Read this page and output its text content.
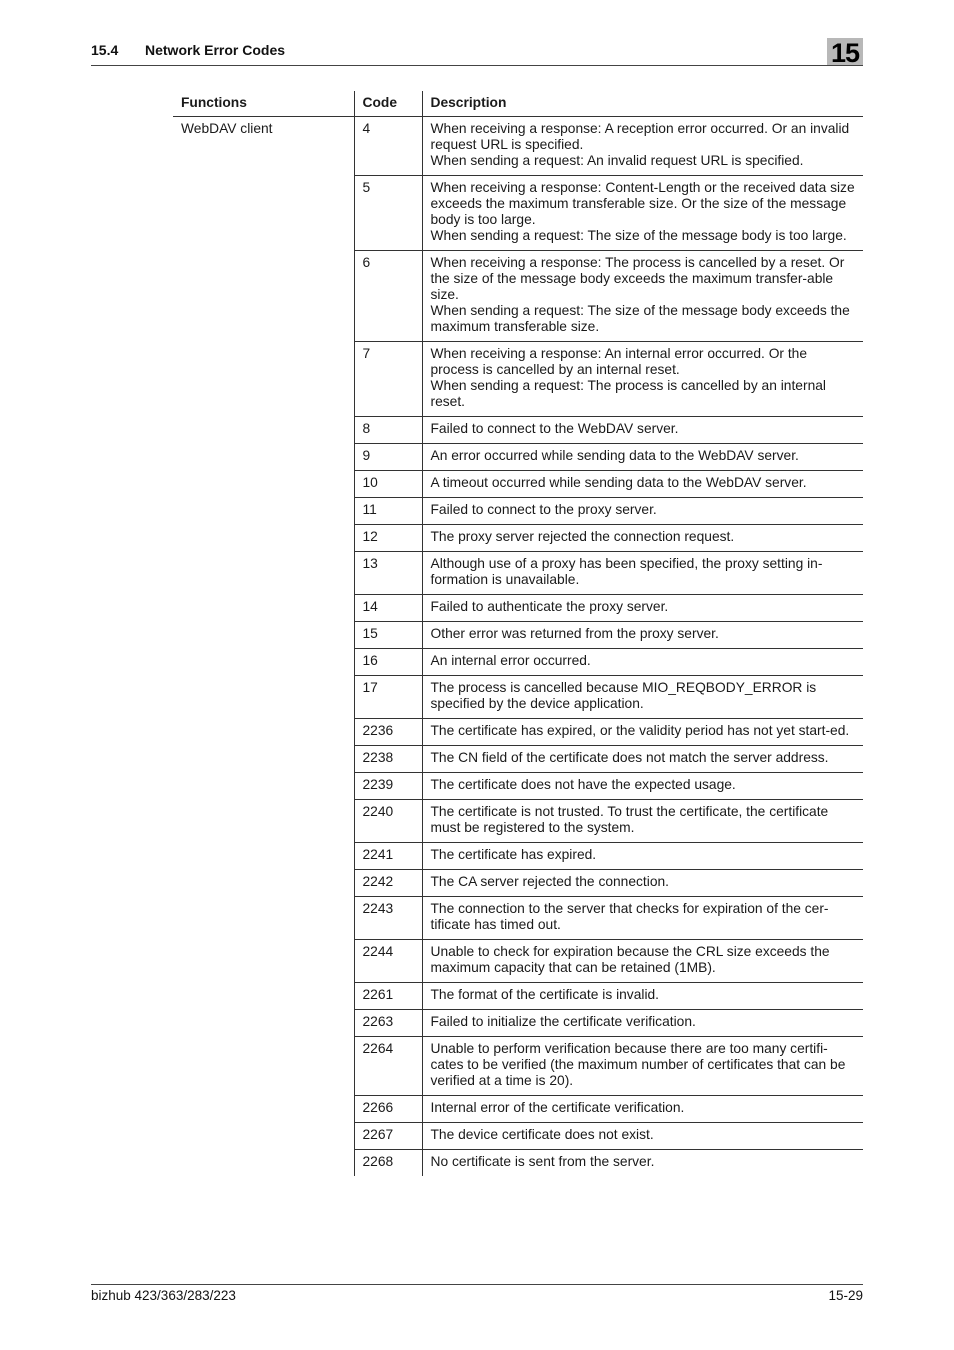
15.4 Network Error Codes	15
Functions	Code	Description
WebDAV client	4	When receiving a response: A reception error occurred. Or an invalid request URL is specified.
When sending a request: An invalid request URL is specified.

	5	When receiving a response: Content-Length or the received data size exceeds the maximum transferable size. Or the size of the message body is too large.
When sending a request: The size of the message body is too large.

	6	When receiving a response: The process is cancelled by a reset. Or the size of the message body exceeds the maximum transfer-able size.
When sending a request: The size of the message body exceeds the maximum transferable size.

	7	When receiving a response: An internal error occurred. Or the process is cancelled by an internal reset.
When sending a request: The process is cancelled by an internal reset.

	8	Failed to connect to the WebDAV server.

	9	An error occurred while sending data to the WebDAV server.

	10	A timeout occurred while sending data to the WebDAV server.

	11	Failed to connect to the proxy server.

	12	The proxy server rejected the connection request.

	13	Although use of a proxy has been specified, the proxy setting in-formation is unavailable.

	14	Failed to authenticate the proxy server.

	15	Other error was returned from the proxy server.

	16	An internal error occurred.

	17	The process is cancelled because MIO_REQBODY_ERROR is specified by the device application.

	2236	The certificate has expired, or the validity period has not yet start-ed.

	2238	The CN field of the certificate does not match the server address.

	2239	The certificate does not have the expected usage.

	2240	The certificate is not trusted. To trust the certificate, the certificate must be registered to the system.

	2241	The certificate has expired.

	2242	The CA server rejected the connection.

	2243	The connection to the server that checks for expiration of the cer-tificate has timed out.

	2244	Unable to check for expiration because the CRL size exceeds the maximum capacity that can be retained (1MB).

	2261	The format of the certificate is invalid.

	2263	Failed to initialize the certificate verification.

	2264	Unable to perform verification because there are too many certifi-cates to be verified (the maximum number of certificates that can be verified at a time is 20).

	2266	Internal error of the certificate verification.

	2267	The device certificate does not exist.

	2268	No certificate is sent from the server.
bizhub 423/363/283/223	15-29
